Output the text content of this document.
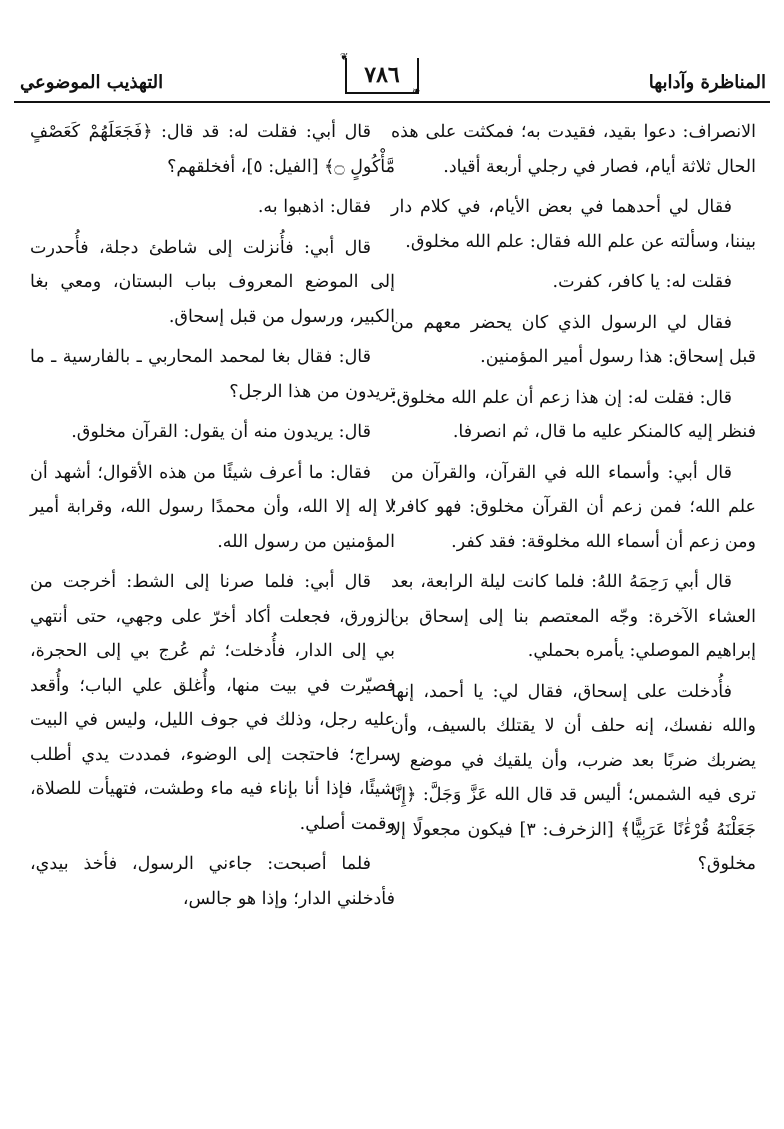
المناظرة وآدابها
❦
٧٨٦
❧
التهذيب الموضوعي

الانصراف: دعوا بقيد، فقيدت به؛ فمكثت على هذه الحال ثلاثة أيام، فصار في رجلي أربعة أقياد.

فقال لي أحدهما في بعض الأيام، في كلام دار بيننا، وسألته عن علم الله فقال: علم الله مخلوق.

فقلت له: يا كافر، كفرت.

فقال لي الرسول الذي كان يحضر معهم من قبل إسحاق: هذا رسول أمير المؤمنين.

قال: فقلت له: إن هذا زعم أن علم الله مخلوق؛ فنظر إليه كالمنكر عليه ما قال، ثم انصرفا.

قال أبي: وأسماء الله في القرآن، والقرآن من علم الله؛ فمن زعم أن القرآن مخلوق: فهو كافر؛ ومن زعم أن أسماء الله مخلوقة: فقد كفر.

قال أبي رَحِمَهُ اللهُ: فلما كانت ليلة الرابعة، بعد العشاء الآخرة: وجّه المعتصم بنا إلى إسحاق بن إبراهيم الموصلي: يأمره بحملي.

فأُدخلت على إسحاق، فقال لي: يا أحمد، إنها والله نفسك، إنه حلف أن لا يقتلك بالسيف، وأن يضربك ضربًا بعد ضرب، وأن يلقيك في موضع لا ترى فيه الشمس؛ أليس قد قال الله عَزَّ وَجَلَّ: ﴿إِنَّا جَعَلْنَهُ قُرْءَٰنًا عَرَبِيًّا﴾ [الزخرف: ٣] فيكون مجعولًا إلا مخلوق؟

قال أبي: فقلت له: قد قال: ﴿فَجَعَلَهُمْ كَعَصْفٍ مَّأْكُولٍ ۝﴾ [الفيل: ٥]، أفخلقهم؟

فقال: اذهبوا به.

قال أبي: فأُنزلت إلى شاطئ دجلة، فأُحدرت إلى الموضع المعروف بباب البستان، ومعي بغا الكبير، ورسول من قبل إسحاق.

قال: فقال بغا لمحمد المحاربي ـ بالفارسية ـ ما تريدون من هذا الرجل؟

قال: يريدون منه أن يقول: القرآن مخلوق.

فقال: ما أعرف شيئًا من هذه الأقوال؛ أشهد أن لا إله إلا الله، وأن محمدًا رسول الله، وقرابة أمير المؤمنين من رسول الله.

قال أبي: فلما صرنا إلى الشط: أخرجت من الزورق، فجعلت أكاد أخرّ على وجهي، حتى أنتهي بي إلى الدار، فأُدخلت؛ ثم عُرج بي إلى الحجرة، فصيّرت في بيت منها، وأُغلق علي الباب؛ وأُقعد عليه رجل، وذلك في جوف الليل، وليس في البيت سراج؛ فاحتجت إلى الوضوء، فمددت يدي أطلب شيئًا، فإذا أنا بإناء فيه ماء وطشت، فتهيأت للصلاة، وقمت أصلي.

فلما أصبحت: جاءني الرسول، فأخذ بيدي، فأدخلني الدار؛ وإذا هو جالس،
